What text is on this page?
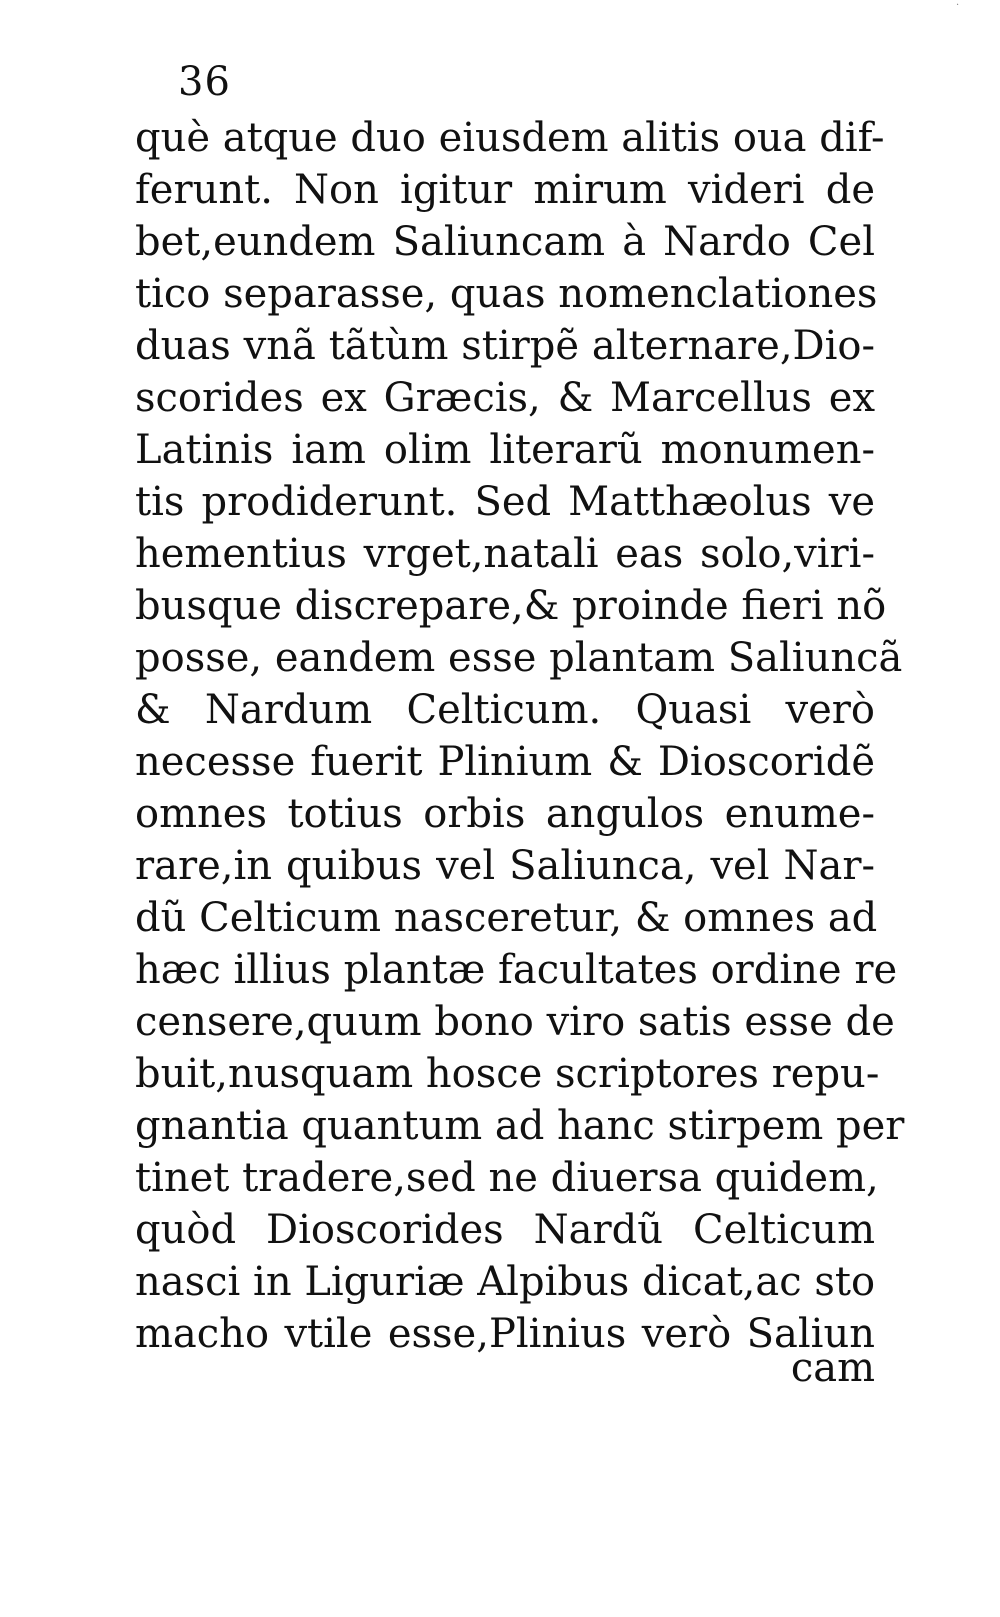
36
què atque duo eiusdem alitis oua dif-
ferunt. Non igitur mirum videri de
bet,eundem Saliuncam à Nardo Cel
tico separasse, quas nomenclationes
duas vnã tãtùm stirpẽ alternare,Dio-
scorides ex Græcis, & Marcellus ex
Latinis iam olim literarũ monumen-
tis prodiderunt. Sed Matthæolus ve
hementius vrget,natali eas solo,viri-
busque discrepare,& proinde fieri nõ
posse, eandem esse plantam Saliuncã
& Nardum Celticum. Quasi verò
necesse fuerit Plinium & Dioscoridẽ
omnes totius orbis angulos enume-
rare,in quibus vel Saliunca, vel Nar-
dũ Celticum nasceretur, & omnes ad
hæc illius plantæ facultates ordine re
censere,quum bono viro satis esse de
buit,nusquam hosce scriptores repu-
gnantia quantum ad hanc stirpem per
tinet tradere,sed ne diuersa quidem,
quòd Dioscorides Nardũ Celticum
nasci in Liguriæ Alpibus dicat,ac sto
macho vtile esse,Plinius verò Saliun
cam
·
